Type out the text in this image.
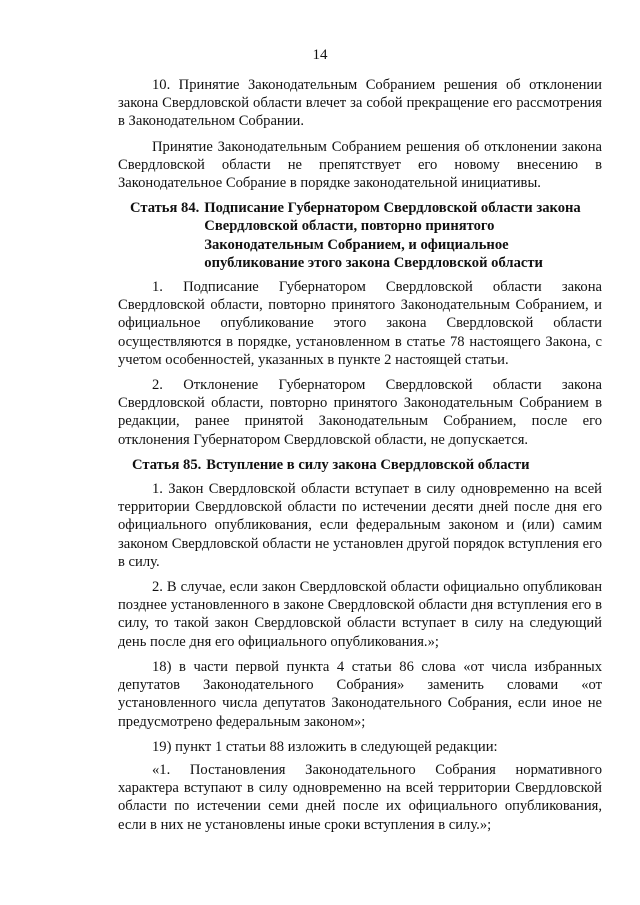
14

10. Принятие Законодательным Собранием решения об отклонении закона Свердловской области влечет за собой прекращение его рассмотрения в Законодательном Собрании.

Принятие Законодательным Собранием решения об отклонении закона Свердловской области не препятствует его новому внесению в Законодательное Собрание в порядке законодательной инициативы.

Статья 84. Подписание Губернатором Свердловской области закона Свердловской области, повторно принятого Законодательным Собранием, и официальное опубликование этого закона Свердловской области

1. Подписание Губернатором Свердловской области закона Свердловской области, повторно принятого Законодательным Собранием, и официальное опубликование этого закона Свердловской области осуществляются в порядке, установленном в статье 78 настоящего Закона, с учетом особенностей, указанных в пункте 2 настоящей статьи.

2. Отклонение Губернатором Свердловской области закона Свердловской области, повторно принятого Законодательным Собранием в редакции, ранее принятой Законодательным Собранием, после его отклонения Губернатором Свердловской области, не допускается.

Статья 85. Вступление в силу закона Свердловской области

1. Закон Свердловской области вступает в силу одновременно на всей территории Свердловской области по истечении десяти дней после дня его официального опубликования, если федеральным законом и (или) самим законом Свердловской области не установлен другой порядок вступления его в силу.

2. В случае, если закон Свердловской области официально опубликован позднее установленного в законе Свердловской области дня вступления его в силу, то такой закон Свердловской области вступает в силу на следующий день после дня его официального опубликования.»;

18) в части первой пункта 4 статьи 86 слова «от числа избранных депутатов Законодательного Собрания» заменить словами «от установленного числа депутатов Законодательного Собрания, если иное не предусмотрено федеральным законом»;

19) пункт 1 статьи 88 изложить в следующей редакции:

«1. Постановления Законодательного Собрания нормативного характера вступают в силу одновременно на всей территории Свердловской области по истечении семи дней после их официального опубликования, если в них не установлены иные сроки вступления в силу.»;
